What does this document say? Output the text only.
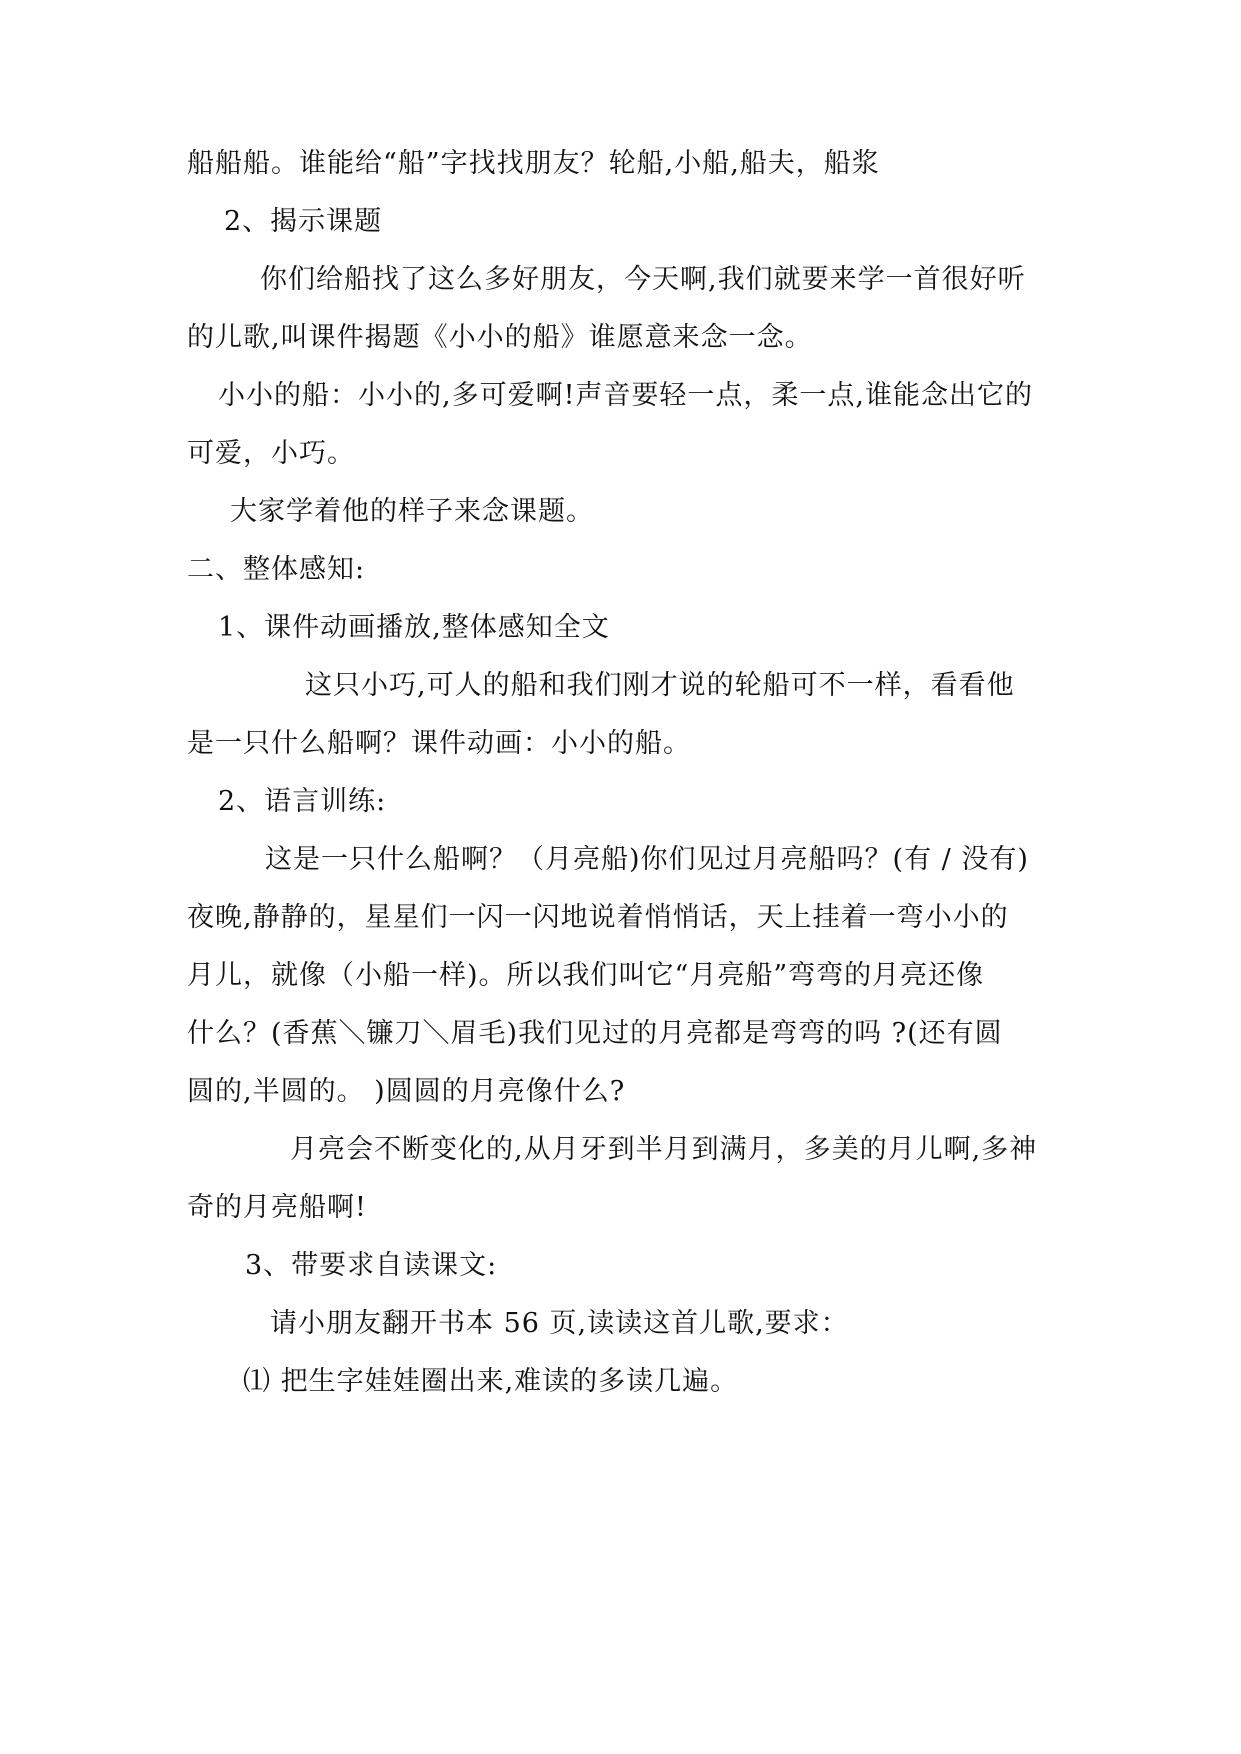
船船船。谁能给“船”字找找朋友？轮船,小船,船夫，船浆
2、揭示课题
你们给船找了这么多好朋友，今天啊,我们就要来学一首很好听
的儿歌,叫课件揭题《小小的船》谁愿意来念一念。
小小的船：小小的,多可爱啊!声音要轻一点，柔一点,谁能念出它的
可爱，小巧。
大家学着他的样子来念课题。
二、整体感知:
1、课件动画播放,整体感知全文
这只小巧,可人的船和我们刚才说的轮船可不一样，看看他
是一只什么船啊？课件动画：小小的船。
2、语言训练:
这是一只什么船啊？（月亮船)你们见过月亮船吗？(有 / 没有)
夜晚,静静的，星星们一闪一闪地说着悄悄话，天上挂着一弯小小的
月儿，就像（小船一样)。所以我们叫它“月亮船”弯弯的月亮还像
什么？(香蕉＼镰刀＼眉毛)我们见过的月亮都是弯弯的吗 ?(还有圆
圆的,半圆的。 )圆圆的月亮像什么?
月亮会不断变化的,从月牙到半月到满月，多美的月儿啊,多神
奇的月亮船啊!
3、带要求自读课文:
请小朋友翻开书本 56 页,读读这首儿歌,要求：
⑴ 把生字娃娃圈出来,难读的多读几遍。
